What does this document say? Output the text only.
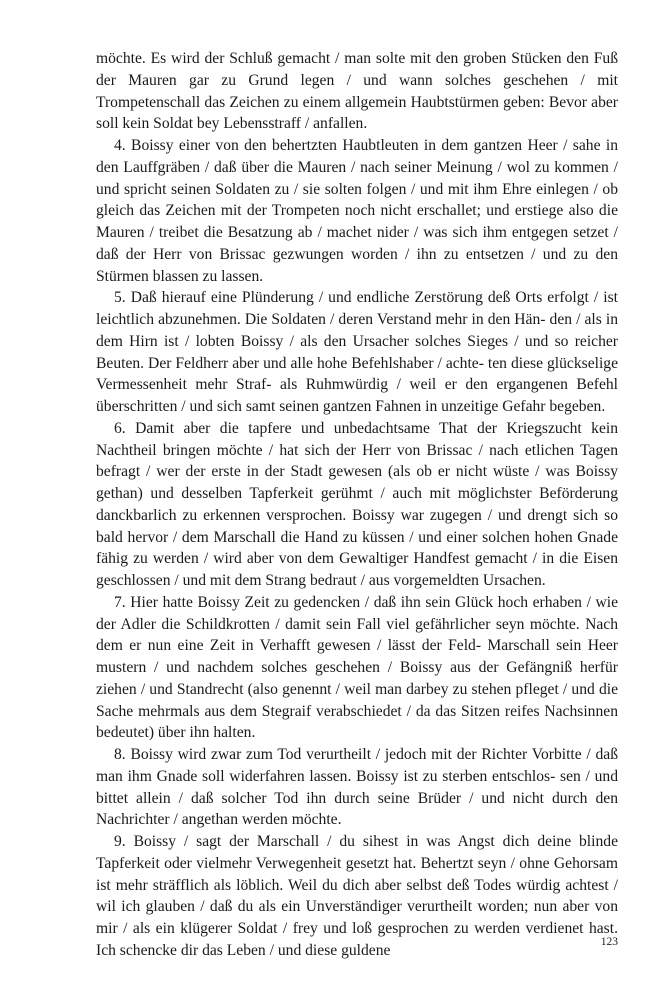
möchte. Es wird der Schluß gemacht / man solte mit den groben Stücken den Fuß der Mauren gar zu Grund legen / und wann solches geschehen / mit Trompetenschall das Zeichen zu einem allgemein Haubtstürmen geben: Bevor aber soll kein Soldat bey Lebensstraff / anfallen.

4. Boissy einer von den behertzten Haubtleuten in dem gantzen Heer / sahe in den Lauffgräben / daß über die Mauren / nach seiner Meinung / wol zu kommen / und spricht seinen Soldaten zu / sie solten folgen / und mit ihm Ehre einlegen / ob gleich das Zeichen mit der Trompeten noch nicht erschallet; und erstiege also die Mauren / treibet die Besatzung ab / machet nider / was sich ihm entgegen setzet / daß der Herr von Brissac gezwungen worden / ihn zu entsetzen / und zu den Stürmen blassen zu lassen.

5. Daß hierauf eine Plünderung / und endliche Zerstörung deß Orts erfolgt / ist leichtlich abzunehmen. Die Soldaten / deren Verstand mehr in den Hän- den / als in dem Hirn ist / lobten Boissy / als den Ursacher solches Sieges / und so reicher Beuten. Der Feldherr aber und alle hohe Befehlshaber / achte- ten diese glückselige Vermessenheit mehr Straf- als Ruhmwürdig / weil er den ergangenen Befehl überschritten / und sich samt seinen gantzen Fahnen in unzeitige Gefahr begeben.

6. Damit aber die tapfere und unbedachtsame That der Kriegszucht kein Nachtheil bringen möchte / hat sich der Herr von Brissac / nach etlichen Tagen befragt / wer der erste in der Stadt gewesen (als ob er nicht wüste / was Boissy gethan) und desselben Tapferkeit gerühmt / auch mit möglichster Beförderung danckbarlich zu erkennen versprochen. Boissy war zugegen / und drengt sich so bald hervor / dem Marschall die Hand zu küssen / und einer solchen hohen Gnade fähig zu werden / wird aber von dem Gewaltiger Handfest gemacht / in die Eisen geschlossen / und mit dem Strang bedraut / aus vorgemeldten Ursachen.

7. Hier hatte Boissy Zeit zu gedencken / daß ihn sein Glück hoch erhaben / wie der Adler die Schildkrotten / damit sein Fall viel gefährlicher seyn möchte. Nach dem er nun eine Zeit in Verhafft gewesen / lässt der Feld- Marschall sein Heer mustern / und nachdem solches geschehen / Boissy aus der Gefängniß herfür ziehen / und Standrecht (also genennt / weil man darbey zu stehen pfleget / und die Sache mehrmals aus dem Stegraif verabschiedet / da das Sitzen reifes Nachsinnen bedeutet) über ihn halten.

8. Boissy wird zwar zum Tod verurtheilt / jedoch mit der Richter Vorbitte / daß man ihm Gnade soll widerfahren lassen. Boissy ist zu sterben entschlos- sen / und bittet allein / daß solcher Tod ihn durch seine Brüder / und nicht durch den Nachrichter / angethan werden möchte.

9. Boissy / sagt der Marschall / du sihest in was Angst dich deine blinde Tapferkeit oder vielmehr Verwegenheit gesetzt hat. Behertzt seyn / ohne Gehorsam ist mehr sträfflich als löblich. Weil du dich aber selbst deß Todes würdig achtest / wil ich glauben / daß du als ein Unverständiger verurtheilt worden; nun aber von mir / als ein klügerer Soldat / frey und loß gesprochen zu werden verdienet hast. Ich schencke dir das Leben / und diese guldene	123
